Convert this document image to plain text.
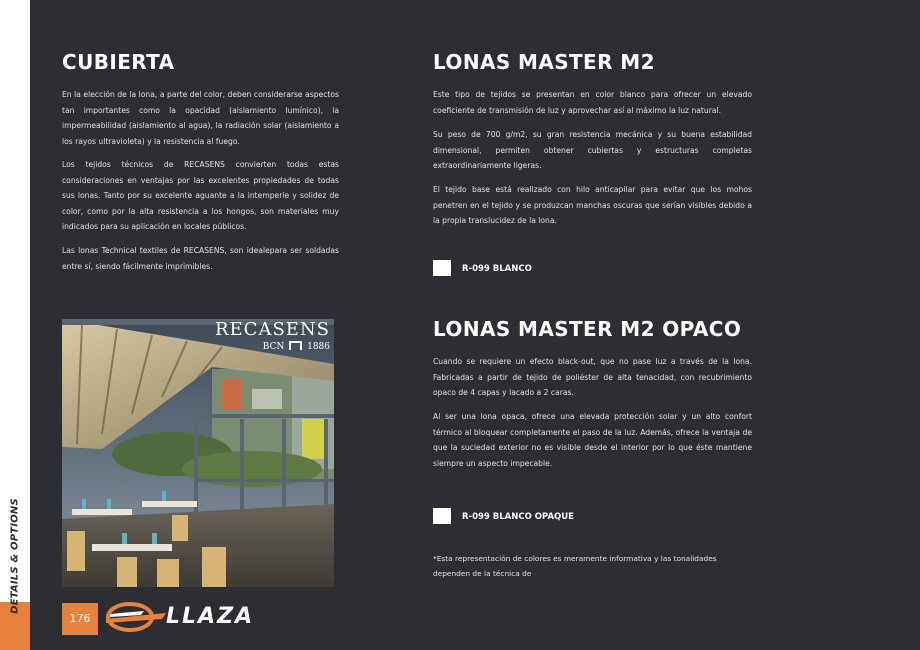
DETAILS & OPTIONS
CUBIERTA

En la elección de la lona, a parte del color, deben considerarse aspectos tan importantes como la opacidad (aislamiento lumínico), la impermeabilidad (aislamiento al agua), la radiación solar (aislamiento a los rayos ultravioleta) y la resistencia al fuego.

Los tejidos técnicos de RECASENS convierten todas estas consideraciones en ventajas por las excelentes propiedades de todas sus lonas. Tanto por su excelente aguante a la intemperie y solidez de color, como por la alta resistencia a los hongos, son materiales muy indicados para su aplicación en locales públicos.

Las lonas Technical textiles de RECASENS, son idealepara ser soldadas entre sí, siendo fácilmente imprimibles.

RECASENS
BCN	1886
LONAS MASTER M2

Este tipo de tejidos se presentan en color blanco para ofrecer un elevado coeficiente de transmisión de luz y aprovechar así al máximo la luz natural.

Su peso de 700 g/m2, su gran resistencia mecánica y su buena estabilidad dimensional, permiten obtener cubiertas y estructuras completas extraordinariamente ligeras.

El tejido base está realizado con hilo anticapilar para evitar que los mohos penetren en el tejido y se produzcan manchas oscuras que serían visibles debido a la propia translucidez de la lona.

R-099 BLANCO
LONAS MASTER M2 OPACO

Cuando se requiere un efecto black-out, que no pase luz a través de la lona. Fabricadas a partir de tejido de poliéster de alta tenacidad, con recubrimiento opaco de 4 capas y lacado a 2 caras.

Al ser una lona opaca, ofrece una elevada protección solar y un alto confort térmico al bloquear completamente el paso de la luz. Además, ofrece la ventaja de que la suciedad exterior no es visible desde el interior por lo que éste mantiene siempre un aspecto impecable.

R-099 BLANCO OPAQUE
*Esta representación de colores es meramente informativa y las tonalidades dependen de la técnica de
176	LLAZA
